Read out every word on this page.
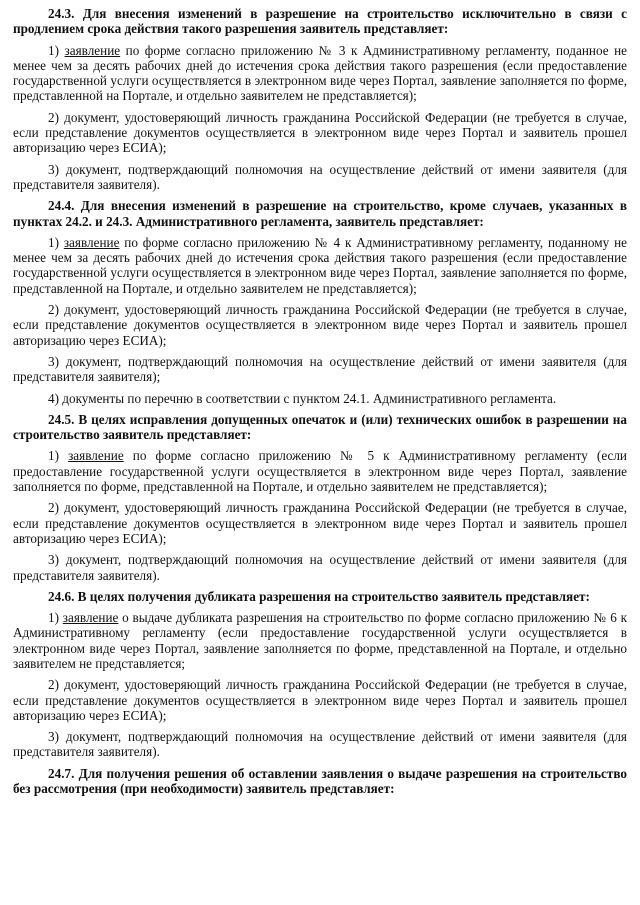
24.3. Для внесения изменений в разрешение на строительство исключительно в связи с продлением срока действия такого разрешения заявитель представляет:

1) заявление по форме согласно приложению № 3 к Административному регламенту, поданное не менее чем за десять рабочих дней до истечения срока действия такого разрешения (если предоставление государственной услуги осуществляется в электронном виде через Портал, заявление заполняется по форме, представленной на Портале, и отдельно заявителем не представляется);

2) документ, удостоверяющий личность гражданина Российской Федерации (не требуется в случае, если представление документов осуществляется в электронном виде через Портал и заявитель прошел авторизацию через ЕСИА);

3) документ, подтверждающий полномочия на осуществление действий от имени заявителя (для представителя заявителя).

24.4. Для внесения изменений в разрешение на строительство, кроме случаев, указанных в пунктах 24.2. и 24.3. Административного регламента, заявитель представляет:

1) заявление по форме согласно приложению № 4 к Административному регламенту, поданному не менее чем за десять рабочих дней до истечения срока действия такого разрешения (если предоставление государственной услуги осуществляется в электронном виде через Портал, заявление заполняется по форме, представленной на Портале, и отдельно заявителем не представляется);

2) документ, удостоверяющий личность гражданина Российской Федерации (не требуется в случае, если представление документов осуществляется в электронном виде через Портал и заявитель прошел авторизацию через ЕСИА);

3) документ, подтверждающий полномочия на осуществление действий от имени заявителя (для представителя заявителя);

4) документы по перечню в соответствии с пунктом 24.1. Административного регламента.

24.5. В целях исправления допущенных опечаток и (или) технических ошибок в разрешении на строительство заявитель представляет:

1) заявление по форме согласно приложению № 5 к Административному регламенту (если предоставление государственной услуги осуществляется в электронном виде через Портал, заявление заполняется по форме, представленной на Портале, и отдельно заявителем не представляется);

2) документ, удостоверяющий личность гражданина Российской Федерации (не требуется в случае, если представление документов осуществляется в электронном виде через Портал и заявитель прошел авторизацию через ЕСИА);

3) документ, подтверждающий полномочия на осуществление действий от имени заявителя (для представителя заявителя).

24.6. В целях получения дубликата разрешения на строительство заявитель представляет:

1) заявление о выдаче дубликата разрешения на строительство по форме согласно приложению № 6 к Административному регламенту (если предоставление государственной услуги осуществляется в электронном виде через Портал, заявление заполняется по форме, представленной на Портале, и отдельно заявителем не представляется;

2) документ, удостоверяющий личность гражданина Российской Федерации (не требуется в случае, если представление документов осуществляется в электронном виде через Портал и заявитель прошел авторизацию через ЕСИА);

3) документ, подтверждающий полномочия на осуществление действий от имени заявителя (для представителя заявителя).

24.7. Для получения решения об оставлении заявления о выдаче разрешения на строительство без рассмотрения (при необходимости) заявитель представляет:
